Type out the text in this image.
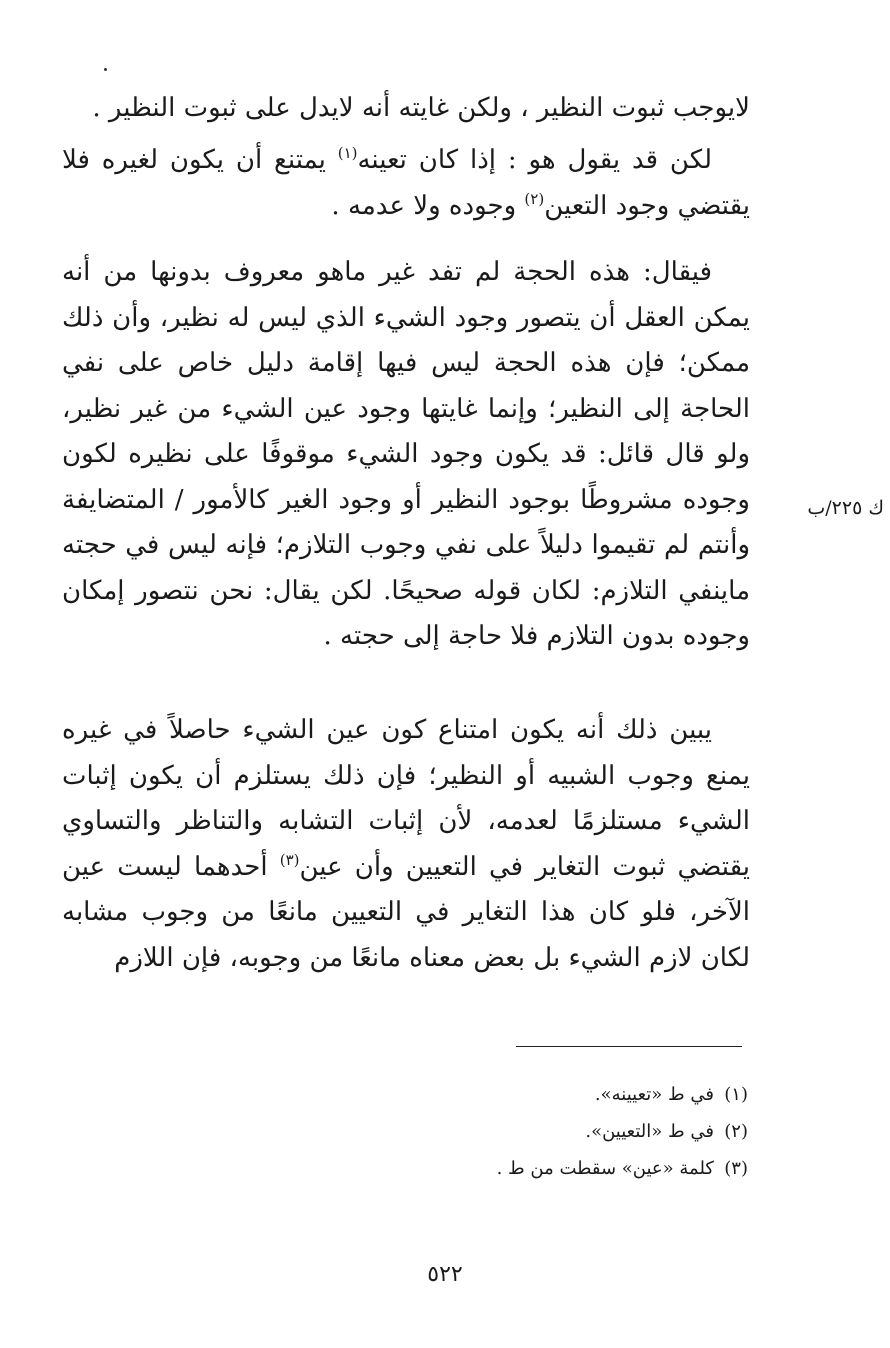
لايوجب ثبوت النظير ، ولكن غايته أنه لايدل على ثبوت النظير .

لكن قد يقول هو : إذا كان تعينه$^{(١)}$ يمتنع أن يكون لغيره فلا يقتضي وجود التعين$^{(٢)}$ وجوده ولا عدمه .

فيقال: هذه الحجة لم تفد غير ماهو معروف بدونها من أنه يمكن العقل أن يتصور وجود الشيء الذي ليس له نظير، وأن ذلك ممكن؛ فإن هذه الحجة ليس فيها إقامة دليل خاص على نفي الحاجة إلى النظير؛ وإنما غايتها وجود عين الشيء من غير نظير، ولو قال قائل: قد يكون وجود الشيء موقوفًا على نظيره لكون وجوده مشروطًا بوجود النظير أو وجود الغير كالأمور / المتضايفة وأنتم لم تقيموا دليلاً على نفي وجوب التلازم؛ فإنه ليس في حجته ماينفي التلازم: لكان قوله صحيحًا. لكن يقال: نحن نتصور إمكان وجوده بدون التلازم فلا حاجة إلى حجته .

ك ٢٢٥/ب

يبين ذلك أنه يكون امتناع كون عين الشيء حاصلاً في غيره يمنع وجوب الشبيه أو النظير؛ فإن ذلك يستلزم أن يكون إثبات الشيء مستلزمًا لعدمه، لأن إثبات التشابه والتناظر والتساوي يقتضي ثبوت التغاير في التعيين وأن عين$^{(٣)}$ أحدهما ليست عين الآخر، فلو كان هذا التغاير في التعيين مانعًا من وجوب مشابه لكان لازم الشيء بل بعض معناه مانعًا من وجوبه، فإن اللازم

(١)في ط «تعيينه».
(٢)في ط «التعيين».
(٣)كلمة «عين» سقطت من ط .
٥٢٢
